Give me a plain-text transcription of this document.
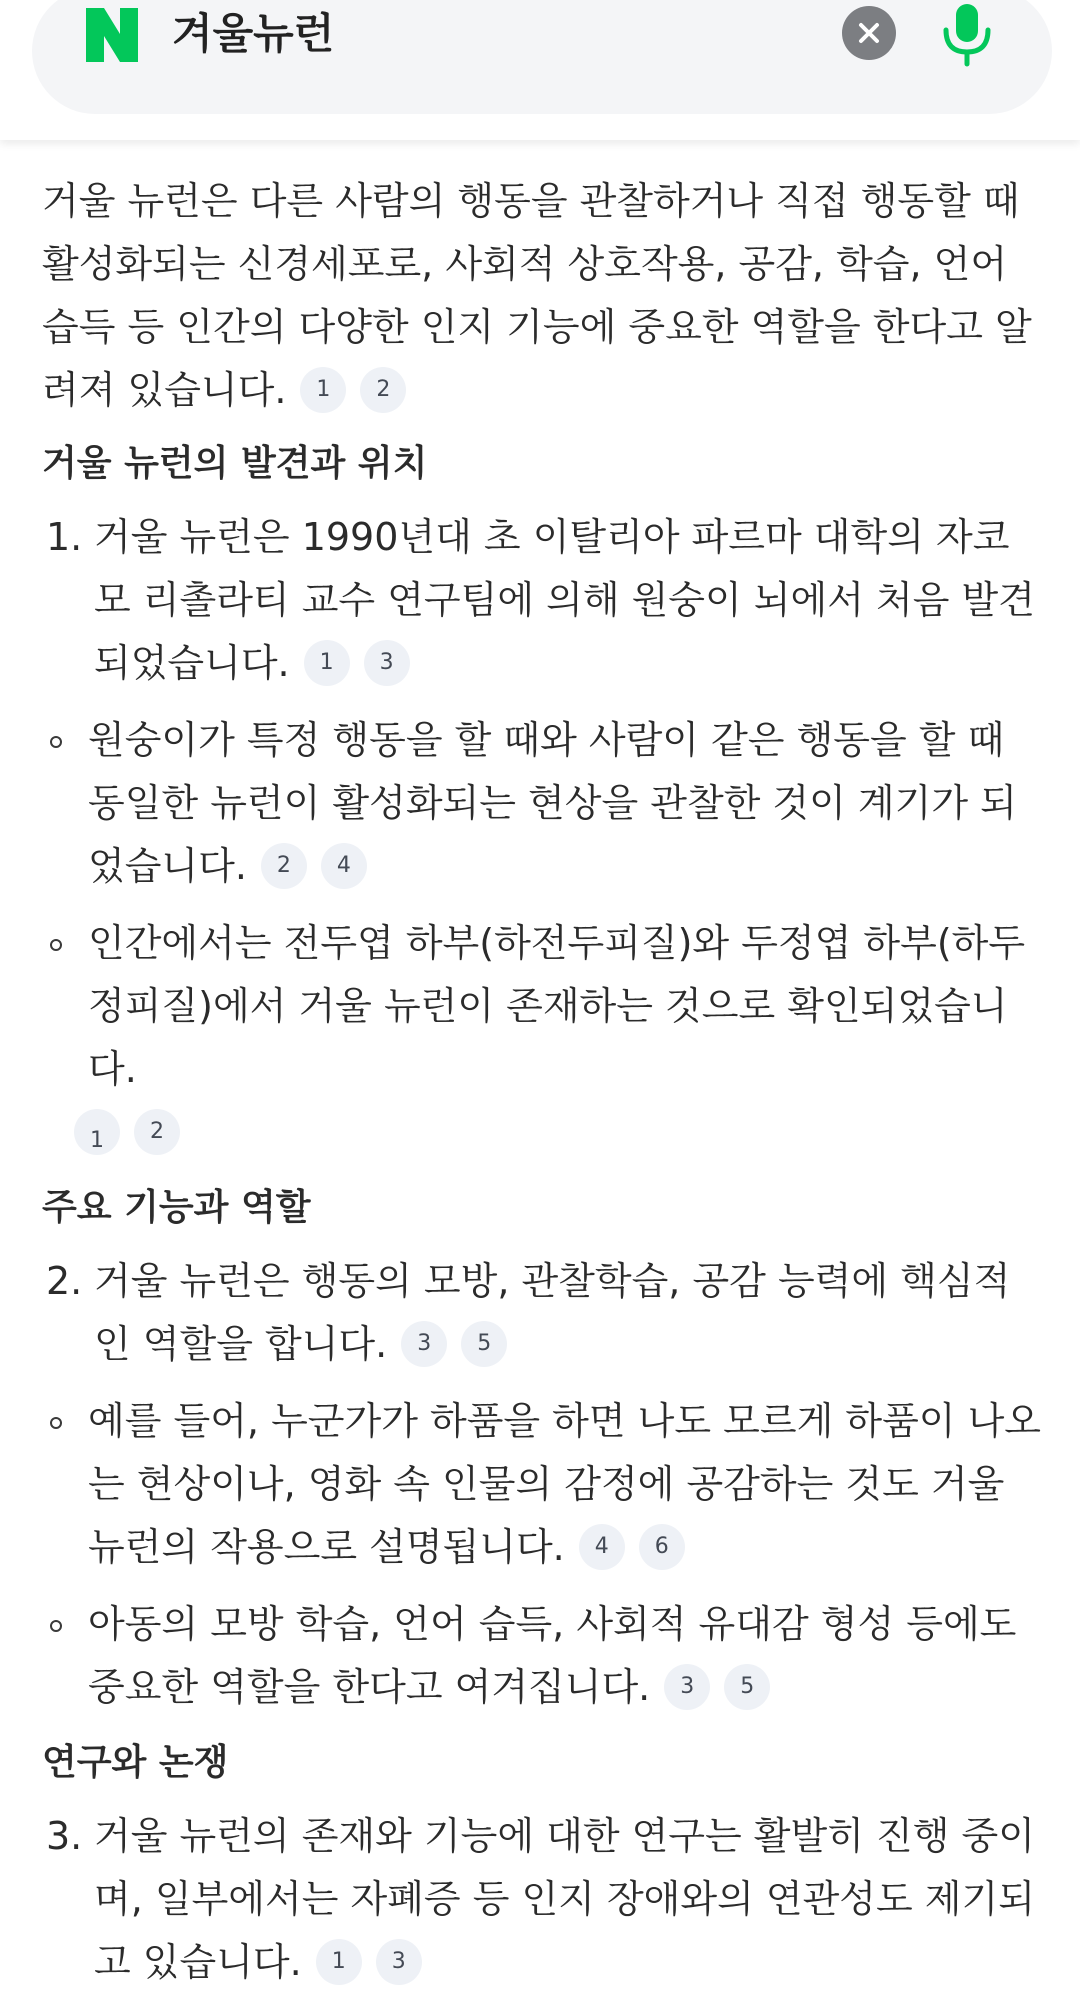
겨울뉴런
거울 뉴런은 다른 사람의 행동을 관찰하거나 직접 행동할 때 활성화되는 신경세포로, 사회적 상호작용, 공감, 학습, 언어 습득 등 인간의 다양한 인지 기능에 중요한 역할을 한다고 알려져 있습니다. 1 2
거울 뉴런의 발견과 위치
1. 거울 뉴런은 1990년대 초 이탈리아 파르마 대학의 자코모 리촐라티 교수 연구팀에 의해 원숭이 뇌에서 처음 발견되었습니다. 1 3
원숭이가 특정 행동을 할 때와 사람이 같은 행동을 할 때 동일한 뉴런이 활성화되는 현상을 관찰한 것이 계기가 되었습니다. 2 4
인간에서는 전두엽 하부(하전두피질)와 두정엽 하부(하두정피질)에서 거울 뉴런이 존재하는 것으로 확인되었습니다.
1 2
주요 기능과 역할
2. 거울 뉴런은 행동의 모방, 관찰학습, 공감 능력에 핵심적인 역할을 합니다. 3 5
예를 들어, 누군가가 하품을 하면 나도 모르게 하품이 나오는 현상이나, 영화 속 인물의 감정에 공감하는 것도 거울 뉴런의 작용으로 설명됩니다. 4 6
아동의 모방 학습, 언어 습득, 사회적 유대감 형성 등에도 중요한 역할을 한다고 여겨집니다. 3 5
연구와 논쟁
3. 거울 뉴런의 존재와 기능에 대한 연구는 활발히 진행 중이며, 일부에서는 자폐증 등 인지 장애와의 연관성도 제기되고 있습니다. 1 3
